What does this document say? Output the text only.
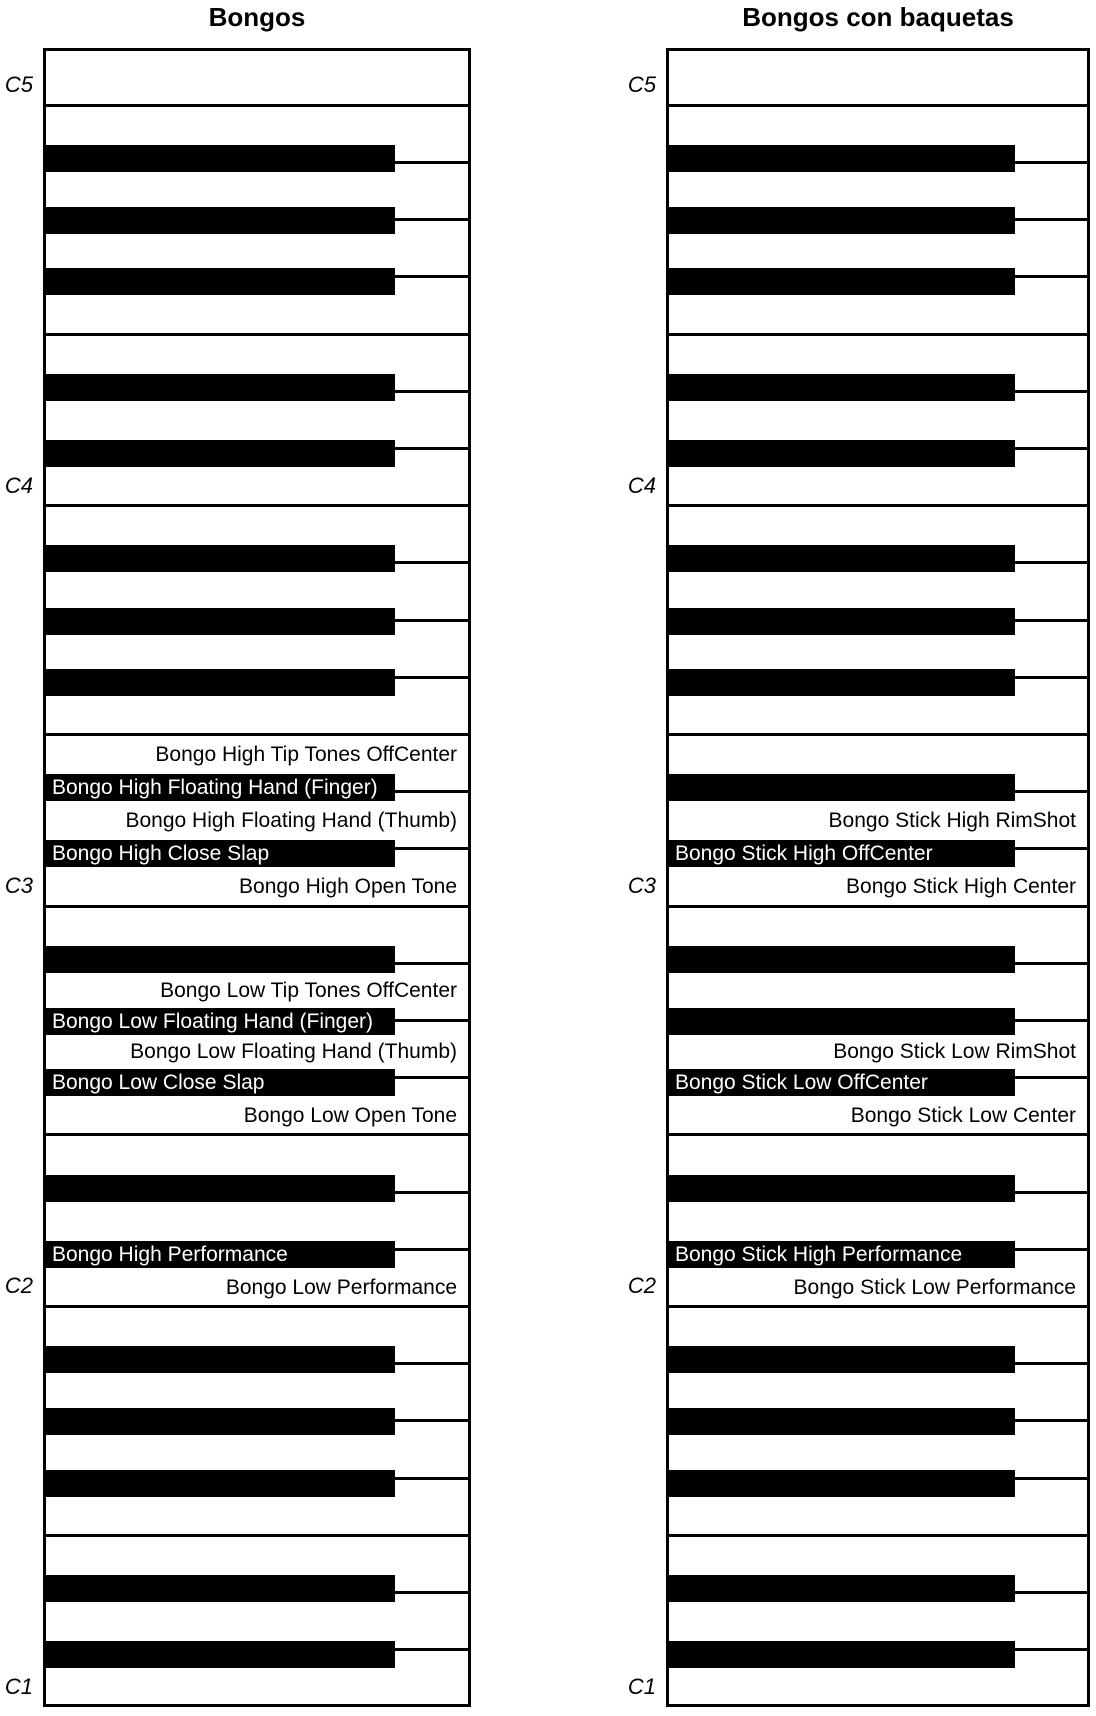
Bongos
Bongo High Floating Hand (Finger)
Bongo High Close Slap
Bongo Low Floating Hand (Finger)
Bongo Low Close Slap
Bongo High Performance
Bongo High Tip Tones OffCenter
Bongo High Floating Hand (Thumb)
Bongo High Open Tone
Bongo Low Tip Tones OffCenter
Bongo Low Floating Hand (Thumb)
Bongo Low Open Tone
Bongo Low Performance
C5
C4
C3
C2
C1
Bongos con baquetas
Bongo Stick High OffCenter
Bongo Stick Low OffCenter
Bongo Stick High Performance
Bongo Stick High RimShot
Bongo Stick High Center
Bongo Stick Low RimShot
Bongo Stick Low Center
Bongo Stick Low Performance
C5
C4
C3
C2
C1
